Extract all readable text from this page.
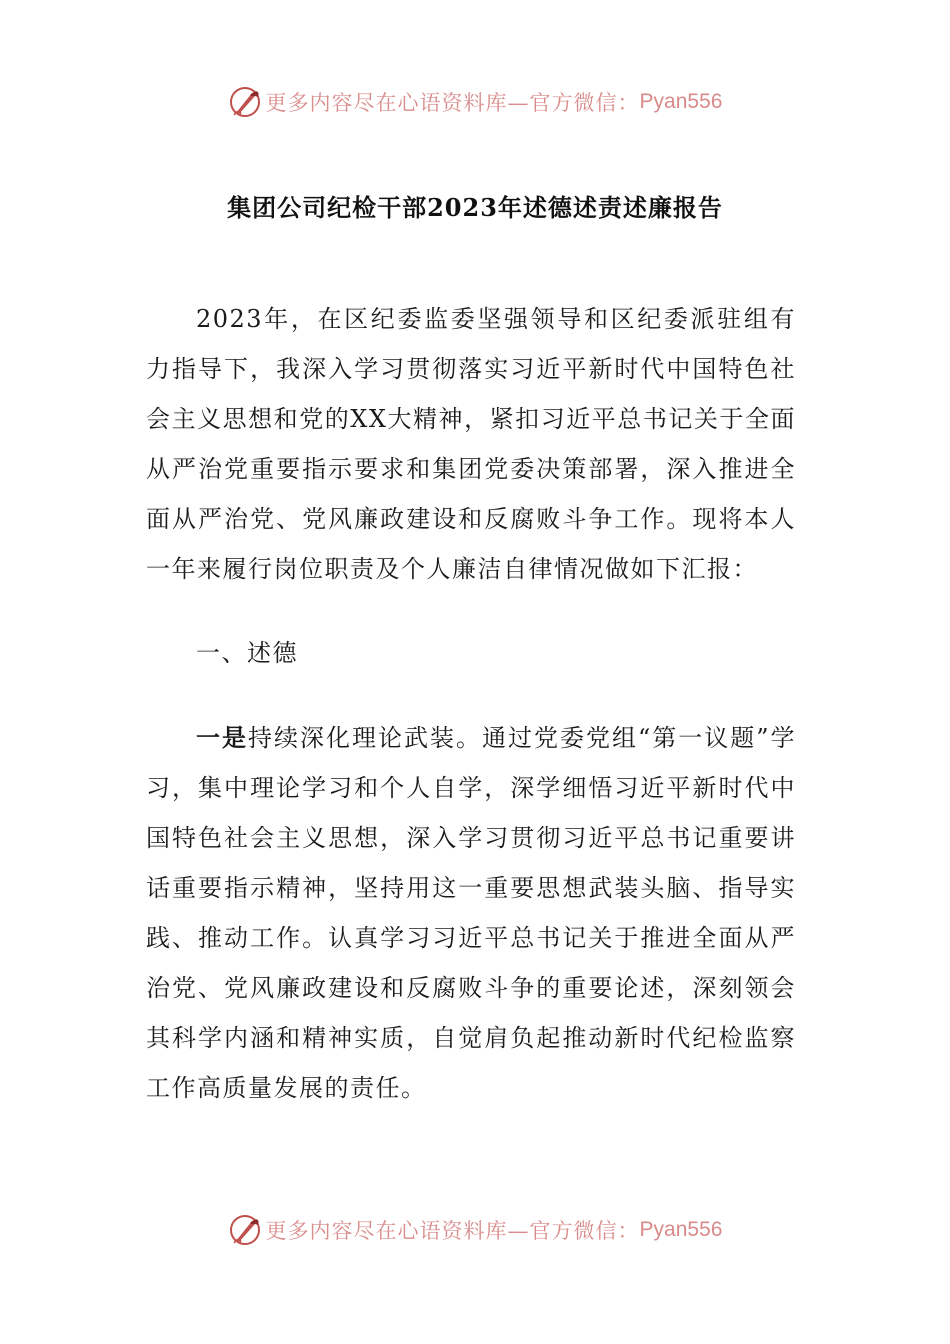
更多内容尽在心语资料库—官方微信： Pyan556
集团公司纪检干部2023年述德述责述廉报告

2023年，在区纪委监委坚强领导和区纪委派驻组有力指导下，我深入学习贯彻落实习近平新时代中国特色社会主义思想和党的XX大精神，紧扣习近平总书记关于全面从严治党重要指示要求和集团党委决策部署，深入推进全面从严治党、党风廉政建设和反腐败斗争工作。现将本人一年来履行岗位职责及个人廉洁自律情况做如下汇报：

一、述德

一是持续深化理论武装。通过党委党组“第一议题”学习，集中理论学习和个人自学，深学细悟习近平新时代中国特色社会主义思想，深入学习贯彻习近平总书记重要讲话重要指示精神，坚持用这一重要思想武装头脑、指导实践、推动工作。认真学习习近平总书记关于推进全面从严治党、党风廉政建设和反腐败斗争的重要论述，深刻领会其科学内涵和精神实质，自觉肩负起推动新时代纪检监察工作高质量发展的责任。

更多内容尽在心语资料库—官方微信： Pyan556
